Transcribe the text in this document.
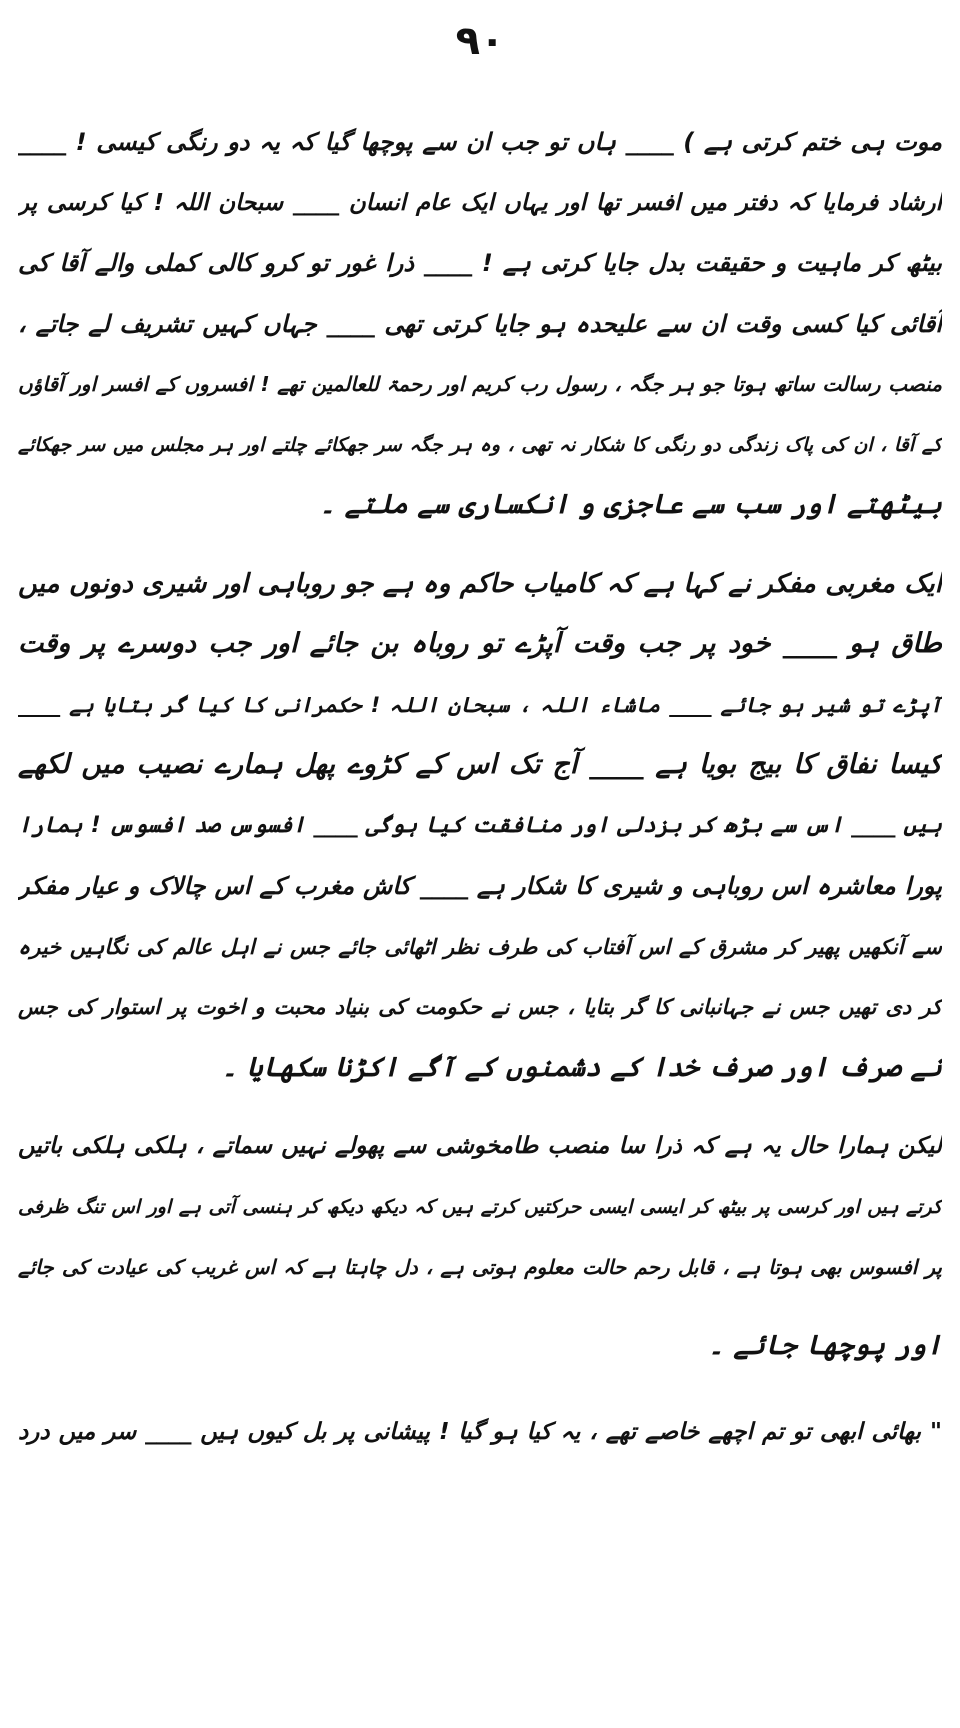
۹۰
موت ہی ختم کرتی ہے ) ____ ہاں تو جب ان سے پوچھا گیا کہ یہ دو رنگی کیسی ! ____
ارشاد فرمایا کہ دفتر میں افسر تھا اور یہاں ایک عام انسان ____ سبحان اللہ ! کیا کرسی پر
بیٹھ کر ماہیت و حقیقت بدل جایا کرتی ہے ! ____ ذرا غور تو کرو کالی کملی والے آقا کی
آقائی کیا کسی وقت ان سے علیحدہ ہو جایا کرتی تھی ____ جہاں کہیں تشریف لے جاتے ،
منصب رسالت ساتھ ہوتا جو ہر جگہ ، رسول رب کریم اور رحمۃ للعالمین تھے ! افسروں کے افسر اور آقاؤں
کے آقا ، ان کی پاک زندگی دو رنگی کا شکار نہ تھی ، وہ ہر جگہ سر جھکائے چلتے اور ہر مجلس میں سر جھکائے
بیٹھتے اور سب سے عاجزی و انکساری سے ملتے ۔
ایک مغربی مفکر نے کہا ہے کہ کامیاب حاکم وہ ہے جو روباہی اور شیری دونوں میں
طاق ہو ____ خود پر جب وقت آپڑے تو روباہ بن جائے اور جب دوسرے پر وقت
آپڑے تو شیر ہو جائے ____ ماشاء اللہ ، سبحان اللہ ! حکمرانی کا کیا گر بتایا ہے ____
کیسا نفاق کا بیج بویا ہے ____ آج تک اس کے کڑوے پھل ہمارے نصیب میں لکھے
ہیں ____ اس سے بڑھ کر بزدلی اور منافقت کیا ہوگی ____ افسوس صد افسوس ! ہمارا
پورا معاشرہ اس روباہی و شیری کا شکار ہے ____ کاش مغرب کے اس چالاک و عیار مفکر
سے آنکھیں پھیر کر مشرق کے اس آفتاب کی طرف نظر اٹھائی جائے جس نے اہل عالم کی نگاہیں خیرہ
کر دی تھیں جس نے جہانبانی کا گر بتایا ، جس نے حکومت کی بنیاد محبت و اخوت پر استوار کی جس
نے صرف اور صرف خدا کے دشمنوں کے آگے اکڑنا سکھایا ۔
لیکن ہمارا حال یہ ہے کہ ذرا سا منصب طامخوشی سے پھولے نہیں سماتے ، ہلکی ہلکی باتیں
کرتے ہیں اور کرسی پر بیٹھ کر ایسی ایسی حرکتیں کرتے ہیں کہ دیکھ دیکھ کر ہنسی آتی ہے اور اس تنگ ظرفی
پر افسوس بھی ہوتا ہے ، قابل رحم حالت معلوم ہوتی ہے ، دل چاہتا ہے کہ اس غریب کی عیادت کی جائے
اور پوچھا جائے ۔
" بھائی ابھی تو تم اچھے خاصے تھے ، یہ کیا ہو گیا ! پیشانی پر بل کیوں ہیں ____ سر میں درد
